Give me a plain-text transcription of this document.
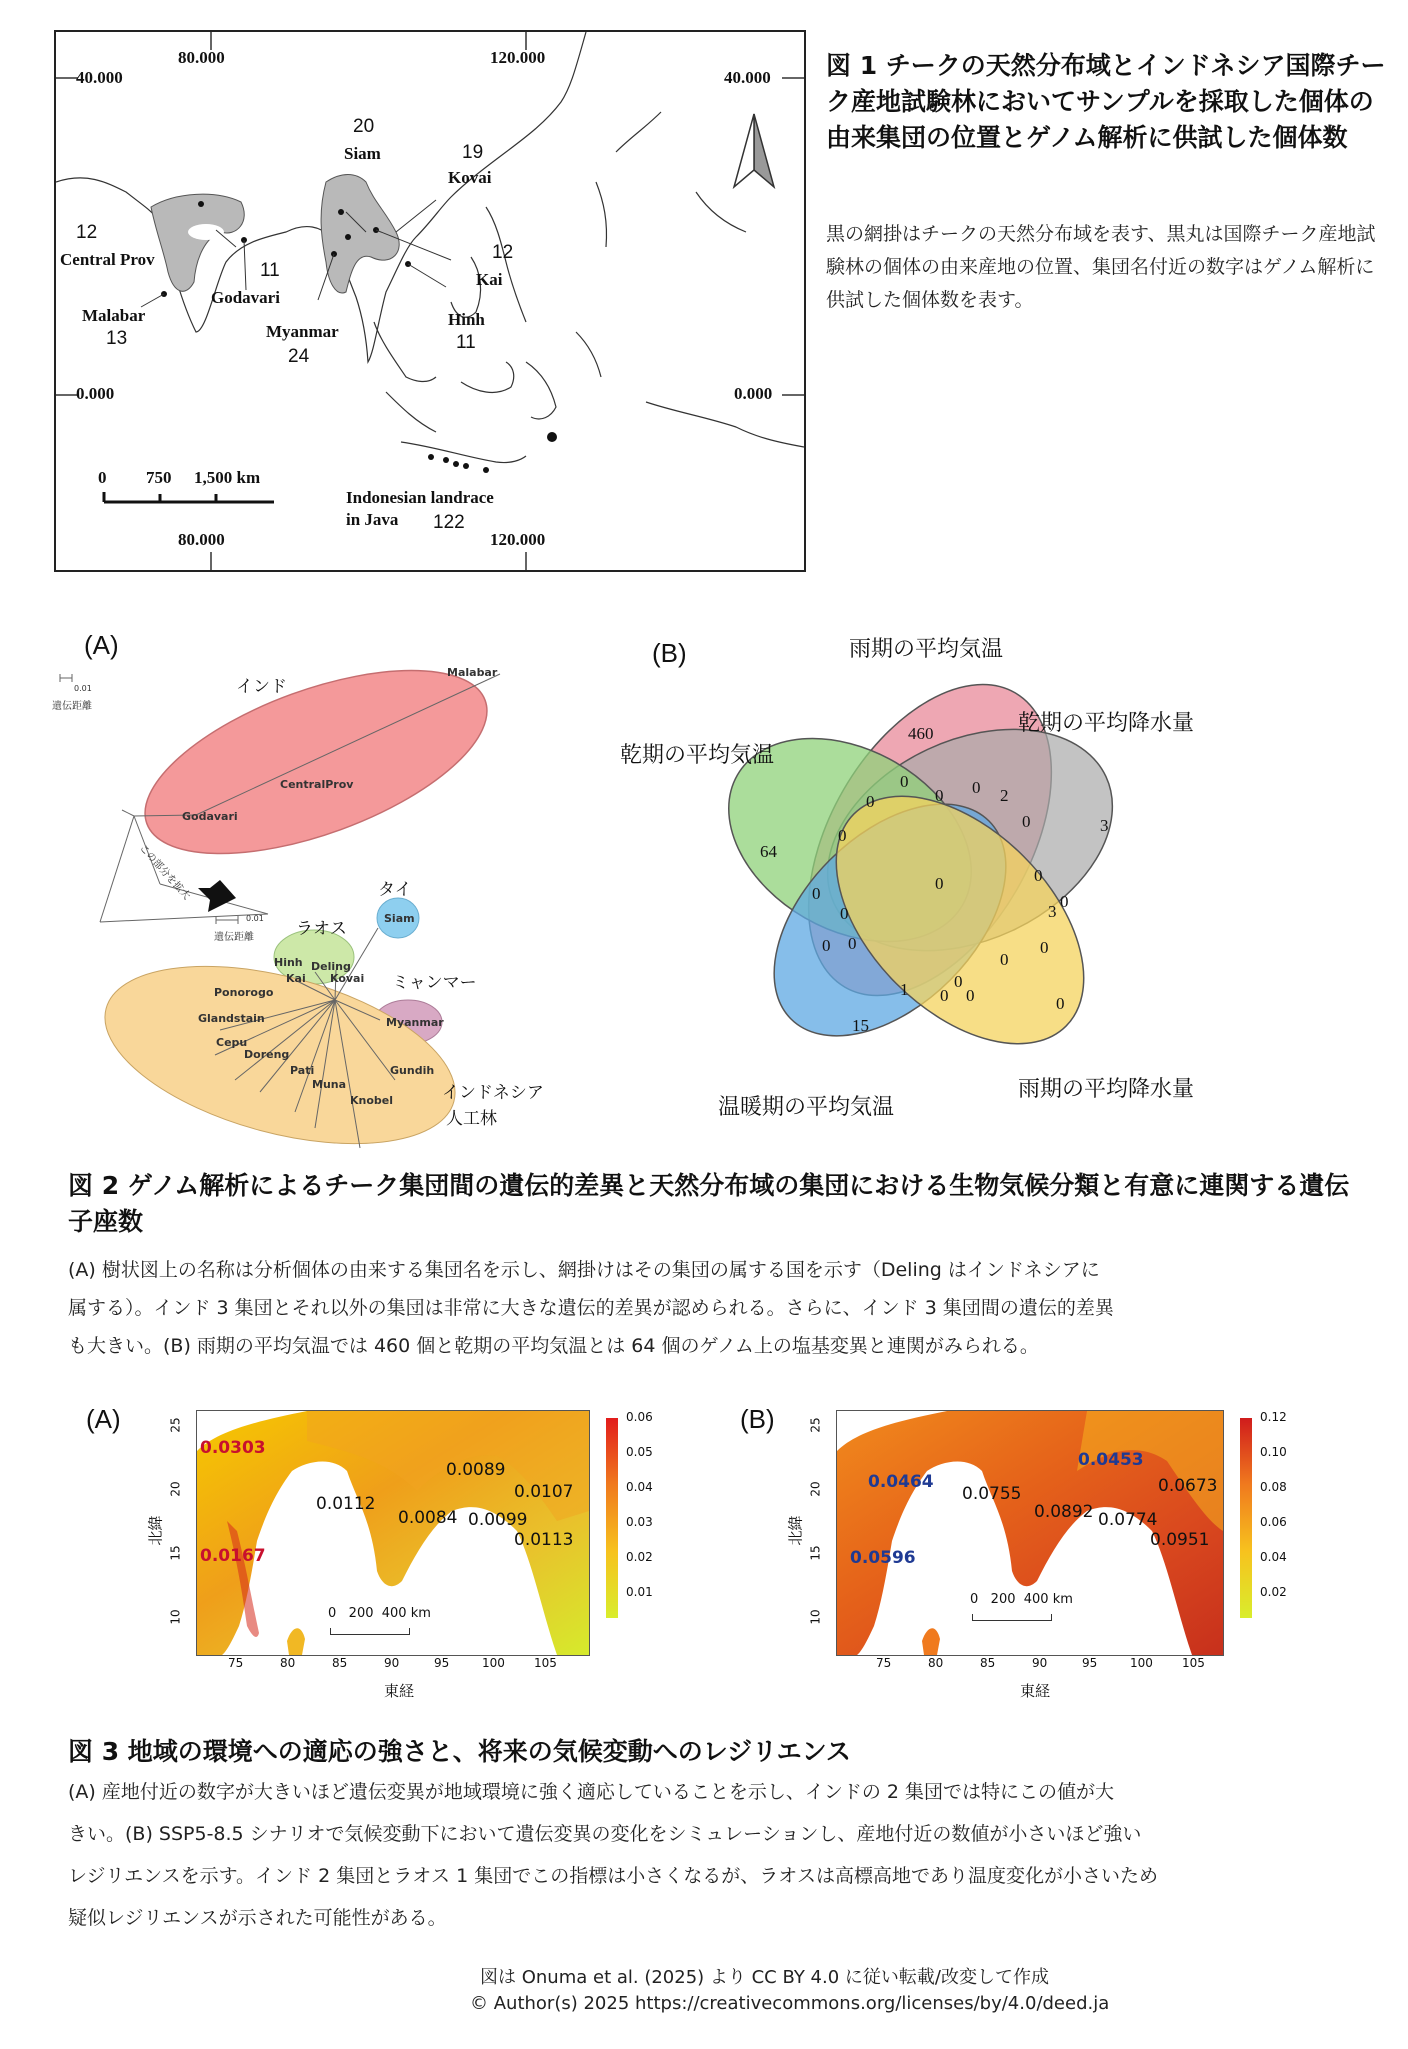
80.000	120.000
40.000	40.000
0.000	0.000
80.000	120.000
0 750 1,500 km
20
Siam	19
Kovai
12
Central Prov
11
Godavari
12
Kai
Malabar
13	Myanmar
24
Hinh
11
Indonesian landrace
in Java 122
図 1 チークの天然分布域とインドネシア国際チーク産地試験林においてサンプルを採取した個体の由来集団の位置とゲノム解析に供試した個体数
黒の網掛はチークの天然分布域を表す、黒丸は国際チーク産地試験林の個体の由来産地の位置、集団名付近の数字はゲノム解析に供試した個体数を表す。
(A)
0.01
遺伝距離
0.01
遺伝距離
この部分を拡大
インド
タイ
ラオス
ミャンマー
インドネシア
人工林
Malabar
CentralProv
Godavari
Siam
Hinh
Kai
Deling
Kovai
Myanmar
Ponorogo
Glandstain
Cepu
Doreng
Pati
Muna
Knobel
Gundih
(B)	雨期の平均気温
乾期の平均降水量
乾期の平均気温
温暖期の平均気温
雨期の平均降水量
460
64
3
15
0
2
1
3
0
0
0 0
0
0
0
0
0
0 0
0
0
0
0
0
0 0
図 2 ゲノム解析によるチーク集団間の遺伝的差異と天然分布域の集団における生物気候分類と有意に連関する遺伝子座数
(A) 樹状図上の名称は分析個体の由来する集団名を示し、網掛けはその集団の属する国を示す（Deling はインドネシアに
属する）。インド 3 集団とそれ以外の集団は非常に大きな遺伝的差異が認められる。さらに、インド 3 集団間の遺伝的差異
も大きい。(B) 雨期の平均気温では 460 個と乾期の平均気温とは 64 個のゲノム上の塩基変異と連関がみられる。
(A)	(B)
0.06
0.05
0.04
0.03
0.02
0.01
北緯
東経
75	80	85	90	95	100 105
10
15
20
25
0   200  400 km
0.0303
0.0112
0.0167
0.0089
0.0107
0.0084 0.0099
0.0113
0.12
0.10
0.08
0.06
0.04
0.02
北緯
東経
75	80	85	90	95	100 105
10
15
20
25
0   200  400 km
0.0464
0.0755
0.0596
0.0453
0.0673
0.0892 0.0774
0.0951
図 3 地域の環境への適応の強さと、将来の気候変動へのレジリエンス
(A) 産地付近の数字が大きいほど遺伝変異が地域環境に強く適応していることを示し、インドの 2 集団では特にこの値が大
きい。(B) SSP5-8.5 シナリオで気候変動下において遺伝変異の変化をシミュレーションし、産地付近の数値が小さいほど強い
レジリエンスを示す。インド 2 集団とラオス 1 集団でこの指標は小さくなるが、ラオスは高標高地であり温度変化が小さいため
疑似レジリエンスが示された可能性がある。
図は Onuma et al. (2025) より CC BY 4.0 に従い転載/改変して作成
© Author(s) 2025 https://creativecommons.org/licenses/by/4.0/deed.ja
